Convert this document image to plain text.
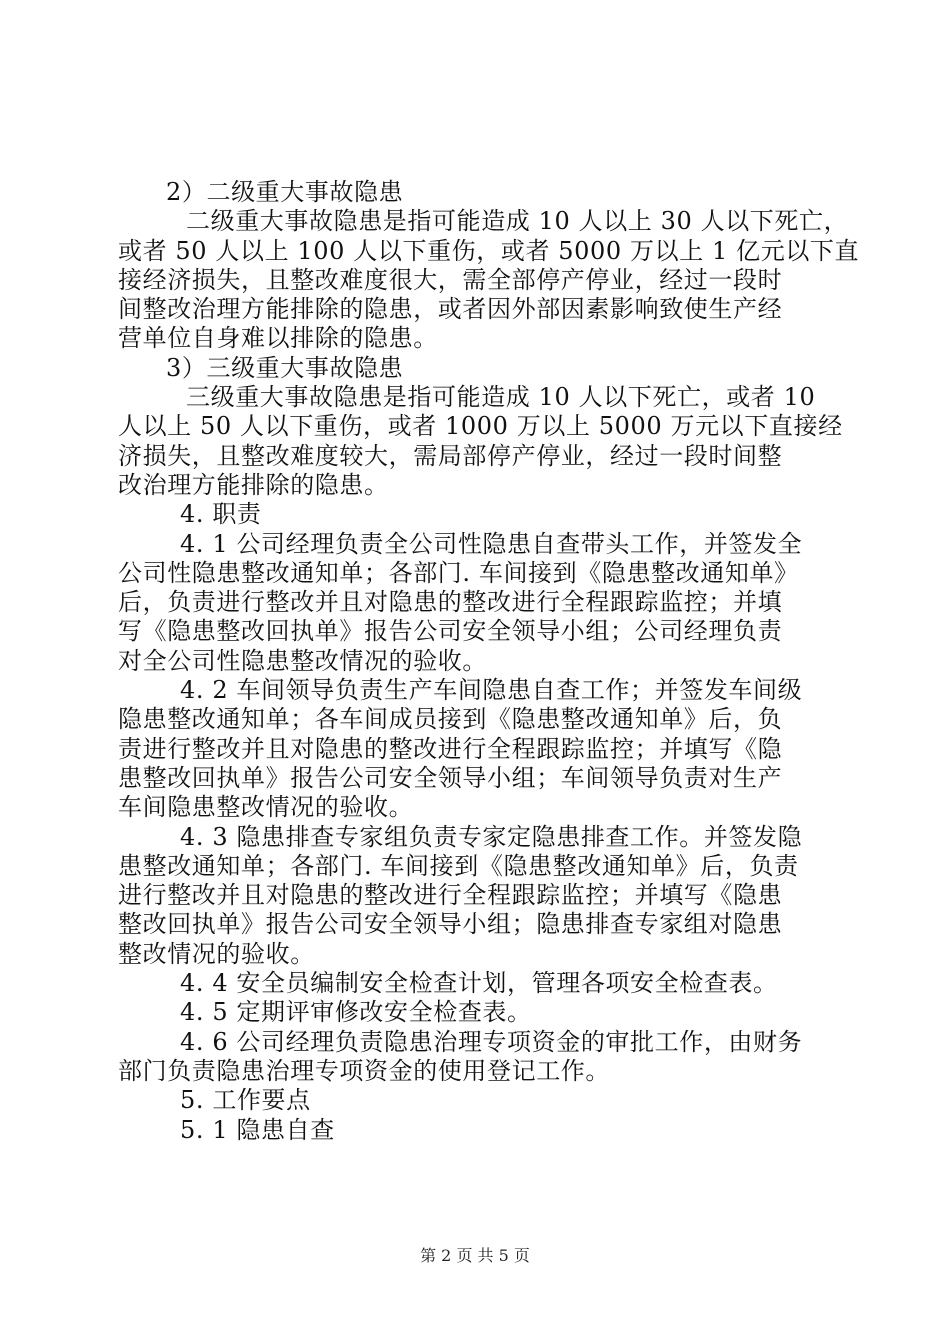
2）二级重大事故隐患
二级重大事故隐患是指可能造成 10 人以上 30 人以下死亡，
或者 50 人以上 100 人以下重伤，或者 5000 万以上 1 亿元以下直
接经济损失，且整改难度很大，需全部停产停业，经过一段时
间整改治理方能排除的隐患，或者因外部因素影响致使生产经
营单位自身难以排除的隐患。
3）三级重大事故隐患
三级重大事故隐患是指可能造成 10 人以下死亡，或者 10
人以上 50 人以下重伤，或者 1000 万以上 5000 万元以下直接经
济损失，且整改难度较大，需局部停产停业，经过一段时间整
改治理方能排除的隐患。
4. 职责
4. 1 公司经理负责全公司性隐患自查带头工作，并签发全
公司性隐患整改通知单；各部门. 车间接到《隐患整改通知单》
后，负责进行整改并且对隐患的整改进行全程跟踪监控；并填
写《隐患整改回执单》报告公司安全领导小组；公司经理负责
对全公司性隐患整改情况的验收。
4. 2 车间领导负责生产车间隐患自查工作；并签发车间级
隐患整改通知单；各车间成员接到《隐患整改通知单》后，负
责进行整改并且对隐患的整改进行全程跟踪监控；并填写《隐
患整改回执单》报告公司安全领导小组；车间领导负责对生产
车间隐患整改情况的验收。
4. 3 隐患排查专家组负责专家定隐患排查工作。并签发隐
患整改通知单；各部门. 车间接到《隐患整改通知单》后，负责
进行整改并且对隐患的整改进行全程跟踪监控；并填写《隐患
整改回执单》报告公司安全领导小组；隐患排查专家组对隐患
整改情况的验收。
4. 4 安全员编制安全检查计划，管理各项安全检查表。
4. 5 定期评审修改安全检查表。
4. 6 公司经理负责隐患治理专项资金的审批工作，由财务
部门负责隐患治理专项资金的使用登记工作。
5. 工作要点
5. 1 隐患自查
第 2 页 共 5 页
